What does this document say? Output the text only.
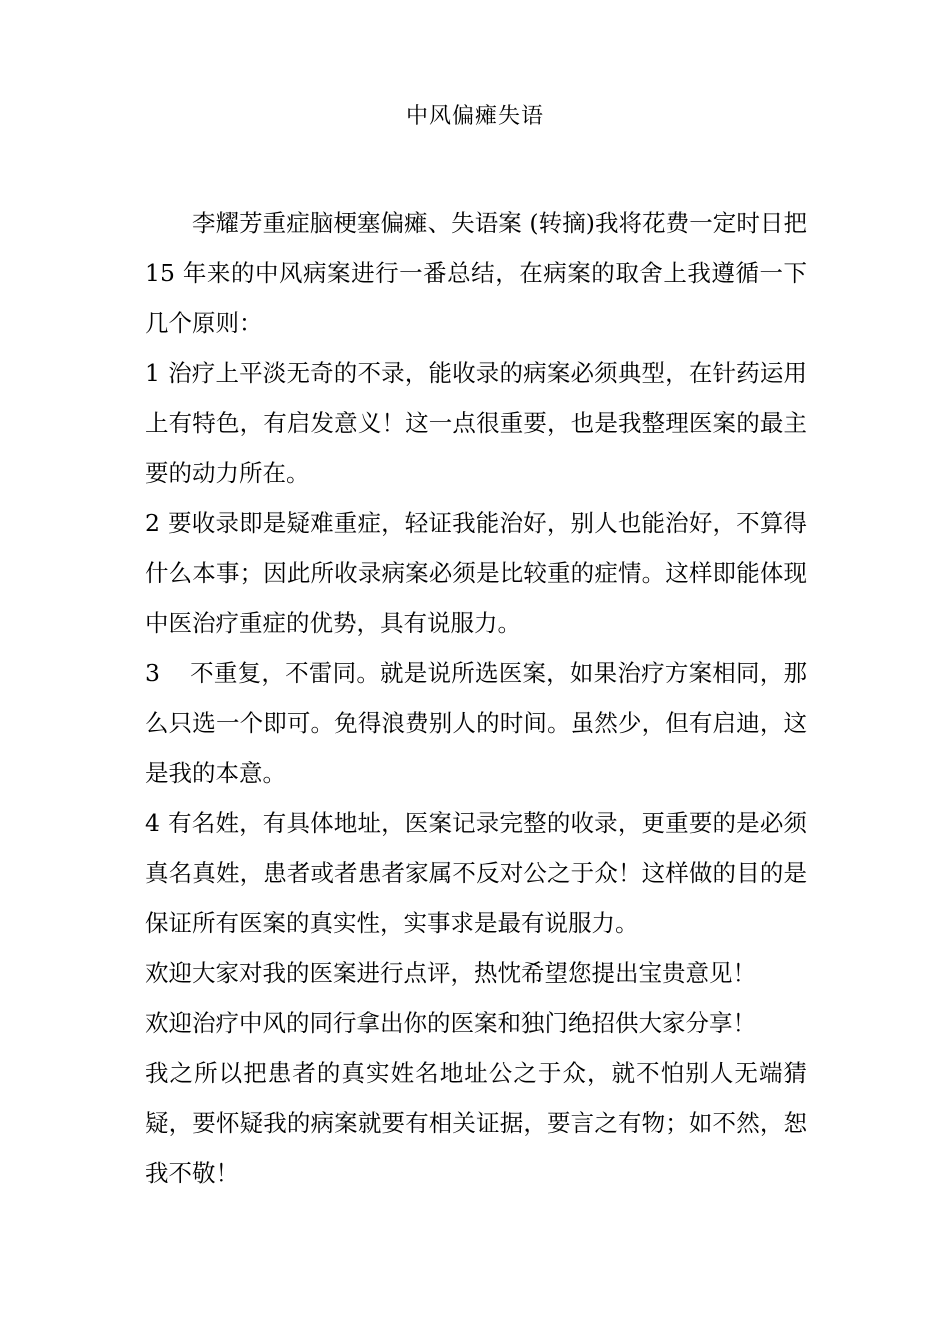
中风偏瘫失语

李耀芳重症脑梗塞偏瘫、失语案 (转摘)我将花费一定时日把 15 年来的中风病案进行一番总结，在病案的取舍上我遵循一下几个原则：

1 治疗上平淡无奇的不录，能收录的病案必须典型，在针药运用上有特色，有启发意义！这一点很重要，也是我整理医案的最主要的动力所在。

2 要收录即是疑难重症，轻证我能治好，别人也能治好，不算得什么本事；因此所收录病案必须是比较重的症情。这样即能体现中医治疗重症的优势，具有说服力。

3 不重复，不雷同。就是说所选医案，如果治疗方案相同，那么只选一个即可。免得浪费别人的时间。虽然少，但有启迪，这是我的本意。

4 有名姓，有具体地址，医案记录完整的收录，更重要的是必须真名真姓，患者或者患者家属不反对公之于众！这样做的目的是保证所有医案的真实性，实事求是最有说服力。

欢迎大家对我的医案进行点评，热忱希望您提出宝贵意见！

欢迎治疗中风的同行拿出你的医案和独门绝招供大家分享！

我之所以把患者的真实姓名地址公之于众，就不怕别人无端猜疑，要怀疑我的病案就要有相关证据，要言之有物；如不然，恕我不敬！
